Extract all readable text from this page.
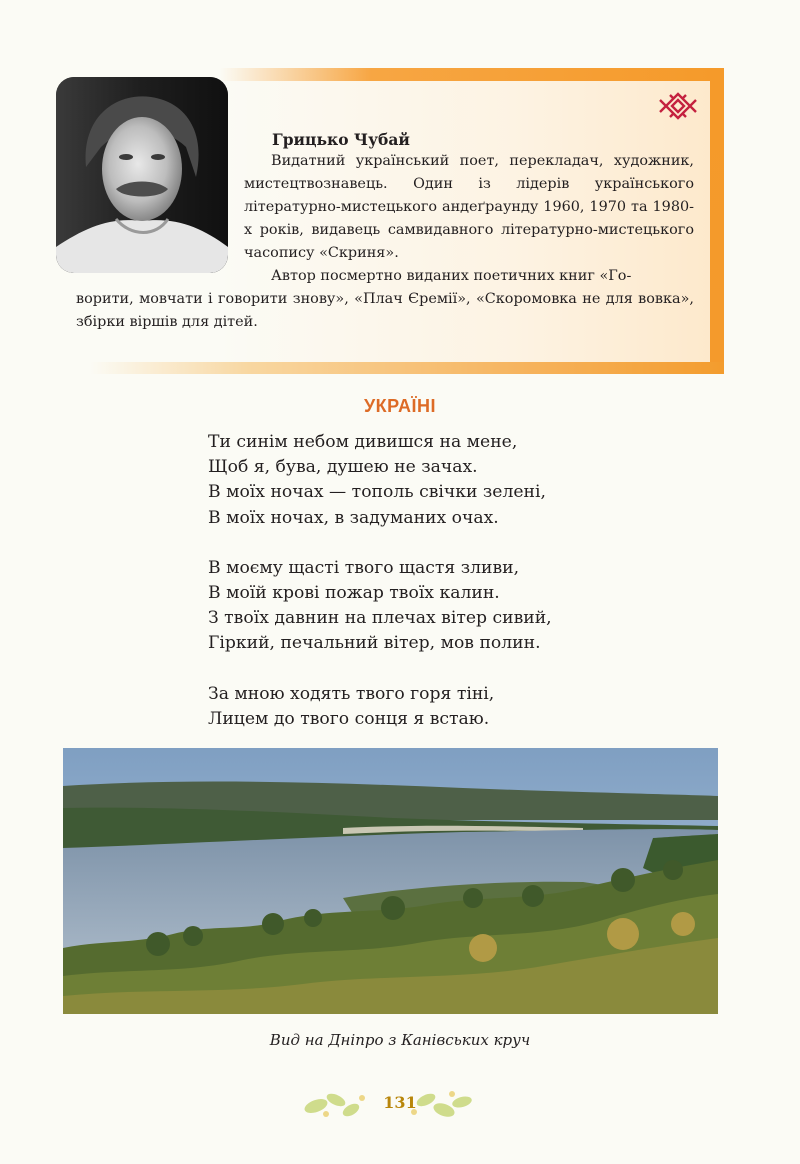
Грицько Чубай
Видатний український поет, перекладач, художник, мистецтвознавець. Один із лідерів українського літературно-мистецького андеґраунду 1960, 1970 та 1980-х років, видавець самвидавного літературно-мистецького часопису «Скриня».
Автор посмертно виданих поетичних книг «Го-
ворити, мовчати і говорити знову», «Плач Єремії», «Скоромовка не для вовка», збірки віршів для дітей.
УКРАЇНІ
Ти синім небом дивишся на мене,
Щоб я, бува, душею не зачах.
В моїх ночах — тополь свічки зелені,
В моїх ночах, в задуманих очах.
В моєму щасті твого щастя зливи,
В моїй крові пожар твоїх калин.
З твоїх давнин на плечах вітер сивий,
Гіркий, печальний вітер, мов полин.
За мною ходять твого горя тіні,
Лицем до твого сонця я встаю.
Вид на Дніпро з Канівських круч
131
